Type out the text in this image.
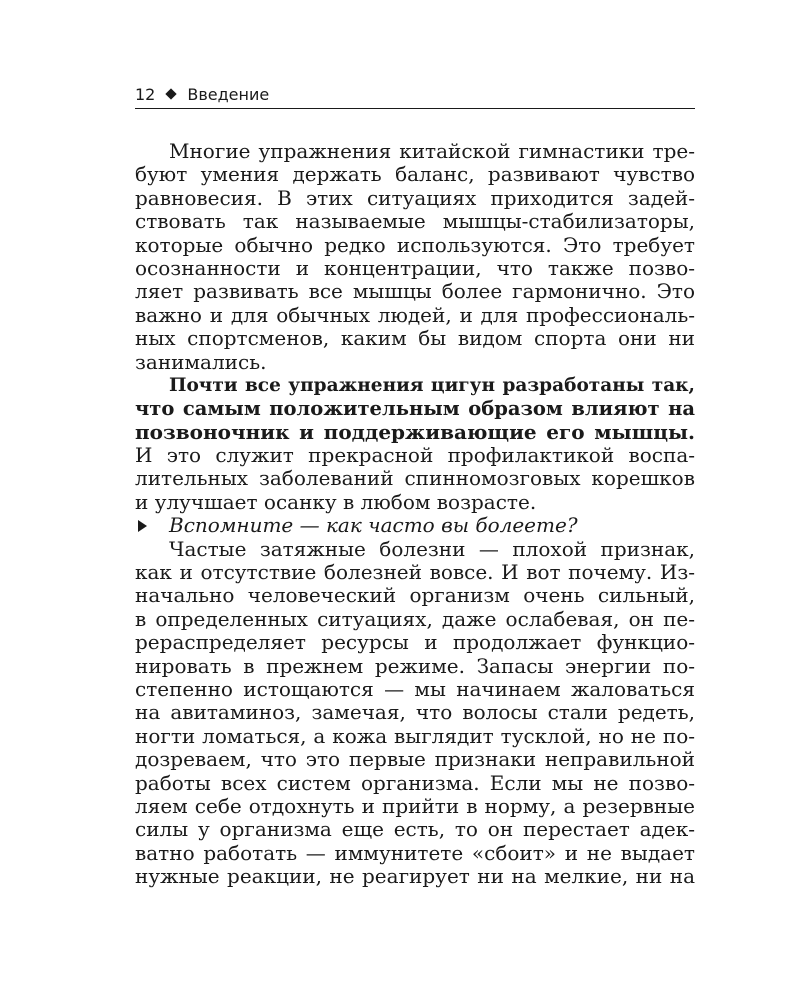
12 Введение
Многие упражнения китайской гимнастики тре-
буют умения держать баланс, развивают чувство
равновесия. В этих ситуациях приходится задей-
ствовать так называемые мышцы-стабилизаторы,
которые обычно редко используются. Это требует
осознанности и концентрации, что также позво-
ляет развивать все мышцы более гармонично. Это
важно и для обычных людей, и для профессиональ-
ных спортсменов, каким бы видом спорта они ни
занимались.
Почти все упражнения цигун разработаны так,
что самым положительным образом влияют на
позвоночник и поддерживающие его мышцы.
И это служит прекрасной профилактикой воспа-
лительных заболеваний спинномозговых корешков
и улучшает осанку в любом возрасте.
Вспомните — как часто вы болеете?
Частые затяжные болезни — плохой признак,
как и отсутствие болезней вовсе. И вот почему. Из-
начально человеческий организм очень сильный,
в определенных ситуациях, даже ослабевая, он пе-
рераспределяет ресурсы и продолжает функцио-
нировать в прежнем режиме. Запасы энергии по-
степенно истощаются — мы начинаем жаловаться
на авитаминоз, замечая, что волосы стали редеть,
ногти ломаться, а кожа выглядит тусклой, но не по-
дозреваем, что это первые признаки неправильной
работы всех систем организма. Если мы не позво-
ляем себе отдохнуть и прийти в норму, а резервные
силы у организма еще есть, то он перестает адек-
ватно работать — иммунитете «сбоит» и не выдает
нужные реакции, не реагирует ни на мелкие, ни на
